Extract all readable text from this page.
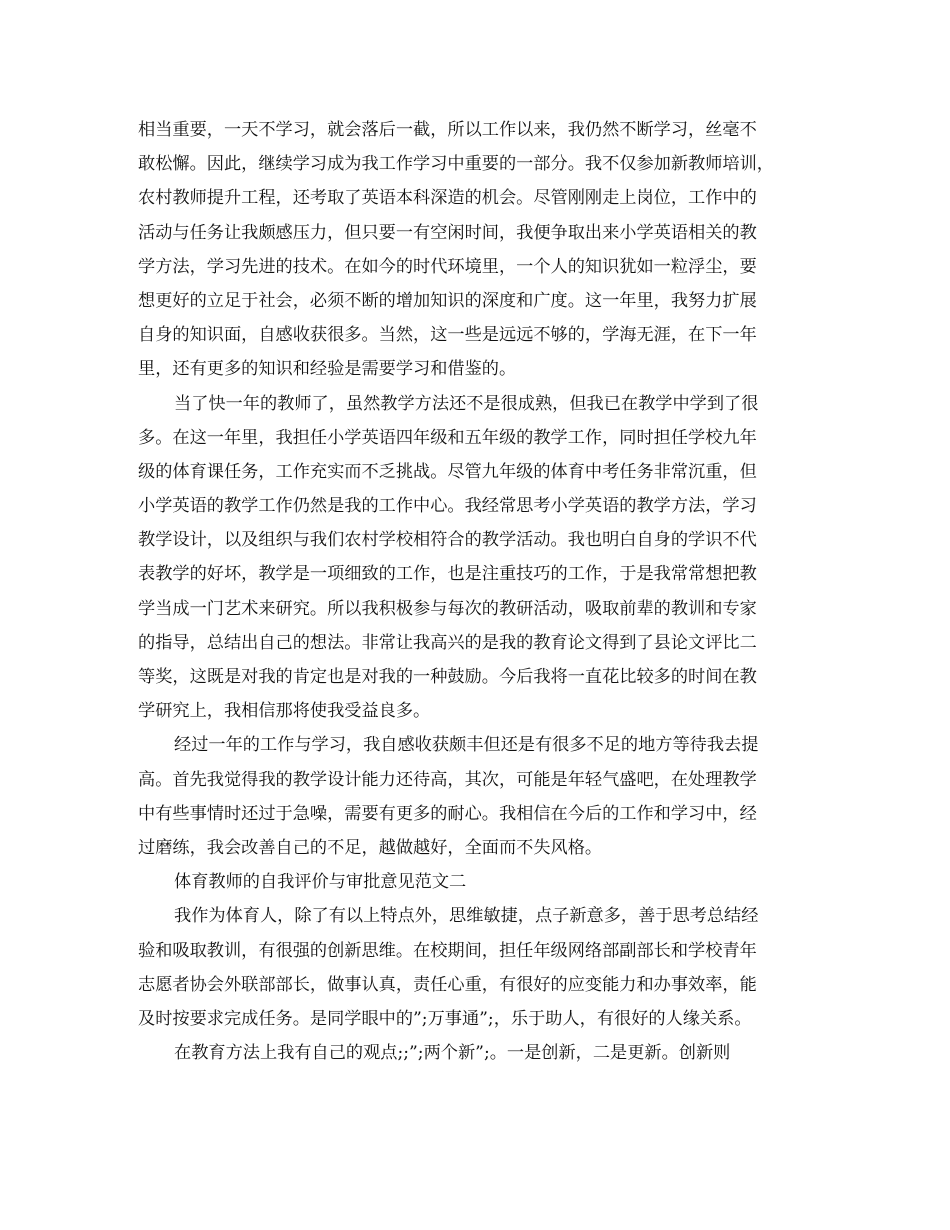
相当重要，一天不学习，就会落后一截，所以工作以来，我仍然不断学习，丝毫不
敢松懈。因此，继续学习成为我工作学习中重要的一部分。我不仅参加新教师培训，
农村教师提升工程，还考取了英语本科深造的机会。尽管刚刚走上岗位，工作中的
活动与任务让我颇感压力，但只要一有空闲时间，我便争取出来小学英语相关的教
学方法，学习先进的技术。在如今的时代环境里，一个人的知识犹如一粒浮尘，要
想更好的立足于社会，必须不断的增加知识的深度和广度。这一年里，我努力扩展
自身的知识面，自感收获很多。当然，这一些是远远不够的，学海无涯，在下一年
里，还有更多的知识和经验是需要学习和借鉴的。
当了快一年的教师了，虽然教学方法还不是很成熟，但我已在教学中学到了很
多。在这一年里，我担任小学英语四年级和五年级的教学工作，同时担任学校九年
级的体育课任务，工作充实而不乏挑战。尽管九年级的体育中考任务非常沉重，但
小学英语的教学工作仍然是我的工作中心。我经常思考小学英语的教学方法，学习
教学设计，以及组织与我们农村学校相符合的教学活动。我也明白自身的学识不代
表教学的好坏，教学是一项细致的工作，也是注重技巧的工作，于是我常常想把教
学当成一门艺术来研究。所以我积极参与每次的教研活动，吸取前辈的教训和专家
的指导，总结出自己的想法。非常让我高兴的是我的教育论文得到了县论文评比二
等奖，这既是对我的肯定也是对我的一种鼓励。今后我将一直花比较多的时间在教
学研究上，我相信那将使我受益良多。
经过一年的工作与学习，我自感收获颇丰但还是有很多不足的地方等待我去提
高。首先我觉得我的教学设计能力还待高，其次，可能是年轻气盛吧，在处理教学
中有些事情时还过于急噪，需要有更多的耐心。我相信在今后的工作和学习中，经
过磨练，我会改善自己的不足，越做越好，全面而不失风格。
体育教师的自我评价与审批意见范文二
我作为体育人，除了有以上特点外，思维敏捷，点子新意多，善于思考总结经
验和吸取教训，有很强的创新思维。在校期间，担任年级网络部副部长和学校青年
志愿者协会外联部部长，做事认真，责任心重，有很好的应变能力和办事效率，能
及时按要求完成任务。是同学眼中的”;万事通”;，乐于助人，有很好的人缘关系。
在教育方法上我有自己的观点;;”;两个新”;。一是创新，二是更新。创新则
